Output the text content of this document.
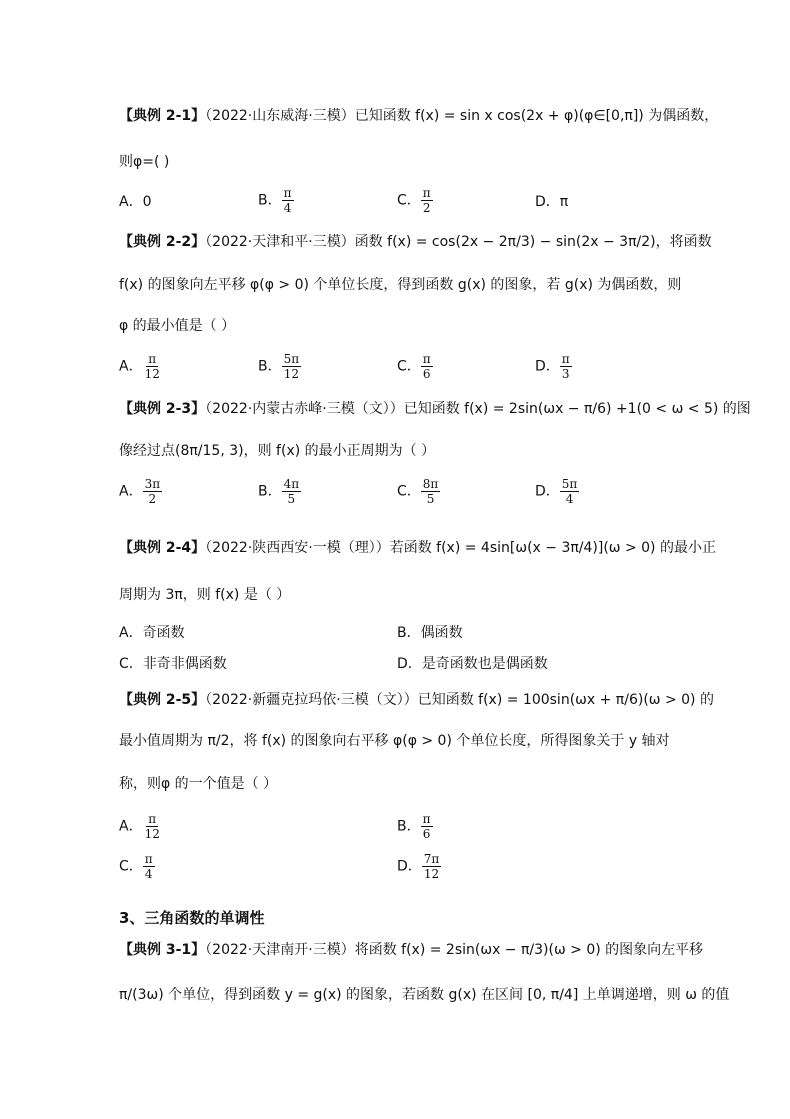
【典例 2-1】（2022·山东威海·三模）已知函数 f(x) = sin x cos(2x + φ)(φ∈[0,π]) 为偶函数，
则φ=( )
A．0	B． $\frac{\pi}{4}$	C． $\frac{\pi}{2}$	D．π
【典例 2-2】（2022·天津和平·三模）函数 f(x) = cos(2x − 2π/3) − sin(2x − 3π/2)，将函数
f(x) 的图象向左平移 φ(φ > 0) 个单位长度，得到函数 g(x) 的图象，若 g(x) 为偶函数，则
φ 的最小值是（ ）
A． $\frac{\pi}{12}$	B． $\frac{5\pi}{12}$	C． $\frac{\pi}{6}$	D． $\frac{\pi}{3}$
【典例 2-3】（2022·内蒙古赤峰·三模（文））已知函数 f(x) = 2sin(ωx − π/6) +1(0 < ω < 5) 的图
像经过点(8π/15, 3)，则 f(x) 的最小正周期为（ ）
A． $\frac{3\pi}{2}$	B． $\frac{4\pi}{5}$	C． $\frac{8\pi}{5}$	D． $\frac{5\pi}{4}$
【典例 2-4】（2022·陕西西安·一模（理））若函数 f(x) = 4sin[ω(x − 3π/4)](ω > 0) 的最小正
周期为 3π，则 f(x) 是（ ）
A．奇函数	B．偶函数
C．非奇非偶函数	D．是奇函数也是偶函数
【典例 2-5】（2022·新疆克拉玛依·三模（文））已知函数 f(x) = 100sin(ωx + π/6)(ω > 0) 的
最小值周期为 π/2，将 f(x) 的图象向右平移 φ(φ > 0) 个单位长度，所得图象关于 y 轴对
称，则φ 的一个值是（ ）
A． $\frac{\pi}{12}$	B． $\frac{\pi}{6}$
C． $\frac{\pi}{4}$	D． $\frac{7\pi}{12}$
3、三角函数的单调性
【典例 3-1】（2022·天津南开·三模）将函数 f(x) = 2sin(ωx − π/3)(ω > 0) 的图象向左平移
π/(3ω) 个单位，得到函数 y = g(x) 的图象，若函数 g(x) 在区间 [0, π/4] 上单调递增，则 ω 的值
